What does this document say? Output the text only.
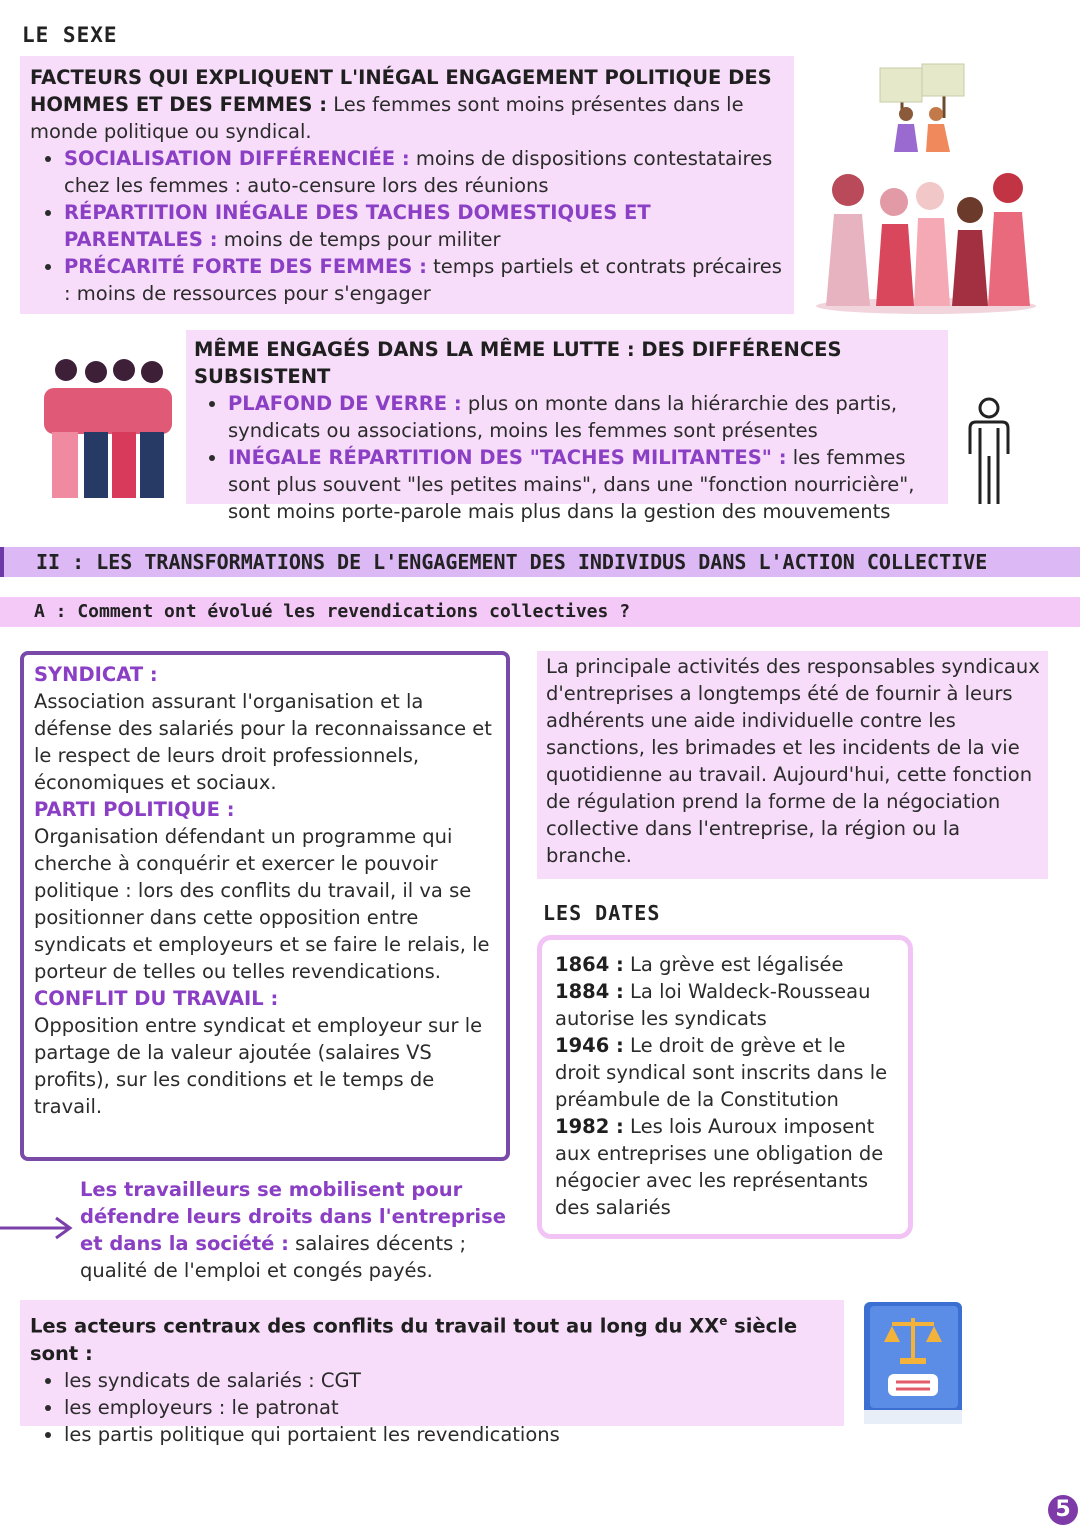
LE SEXE

FACTEURS QUI EXPLIQUENT L'INÉGAL ENGAGEMENT POLITIQUE DES HOMMES ET DES FEMMES : Les femmes sont moins présentes dans le monde politique ou syndical.

• SOCIALISATION DIFFÉRENCIÉE : moins de dispositions contestataires chez les femmes : auto-censure lors des réunions
• RÉPARTITION INÉGALE DES TACHES DOMESTIQUES ET PARENTALES : moins de temps pour militer
• PRÉCARITÉ FORTE DES FEMMES : temps partiels et contrats précaires : moins de ressources pour s'engager

MÊME ENGAGÉS DANS LA MÊME LUTTE : DES DIFFÉRENCES SUBSISTENT

• PLAFOND DE VERRE : plus on monte dans la hiérarchie des partis, syndicats ou associations, moins les femmes sont présentes
• INÉGALE RÉPARTITION DES "TACHES MILITANTES" : les femmes sont plus souvent "les petites mains", dans une "fonction nourricière", sont moins porte-parole mais plus dans la gestion des mouvements
II : LES TRANSFORMATIONS DE L'ENGAGEMENT DES INDIVIDUS DANS L'ACTION COLLECTIVE
A : Comment ont évolué les revendications collectives ?

SYNDICAT :

Association assurant l'organisation et la défense des salariés pour la reconnaissance et le respect de leurs droit professionnels, économiques et sociaux.

PARTI POLITIQUE :

Organisation défendant un programme qui cherche à conquérir et exercer le pouvoir politique : lors des conflits du travail, il va se positionner dans cette opposition entre syndicats et employeurs et se faire le relais, le porteur de telles ou telles revendications.

CONFLIT DU TRAVAIL :

Opposition entre syndicat et employeur sur le partage de la valeur ajoutée (salaires VS profits), sur les conditions et le temps de travail.

La principale activités des responsables syndicaux d'entreprises a longtemps été de fournir à leurs adhérents une aide individuelle contre les sanctions, les brimades et les incidents de la vie quotidienne au travail. Aujourd'hui, cette fonction de régulation prend la forme de la négociation collective dans l'entreprise, la région ou la branche.

LES DATES

1864 : La grève est légalisée

1884 : La loi Waldeck-Rousseau autorise les syndicats

1946 : Le droit de grève et le droit syndical sont inscrits dans le préambule de la Constitution

1982 : Les lois Auroux imposent aux entreprises une obligation de négocier avec les représentants des salariés

Les travailleurs se mobilisent pour défendre leurs droits dans l'entreprise et dans la société : salaires décents ; qualité de l'emploi et congés payés.

Les acteurs centraux des conflits du travail tout au long du XXe siècle sont :

• les syndicats de salariés : CGT
• les employeurs : le patronat
• les partis politique qui portaient les revendications
5
